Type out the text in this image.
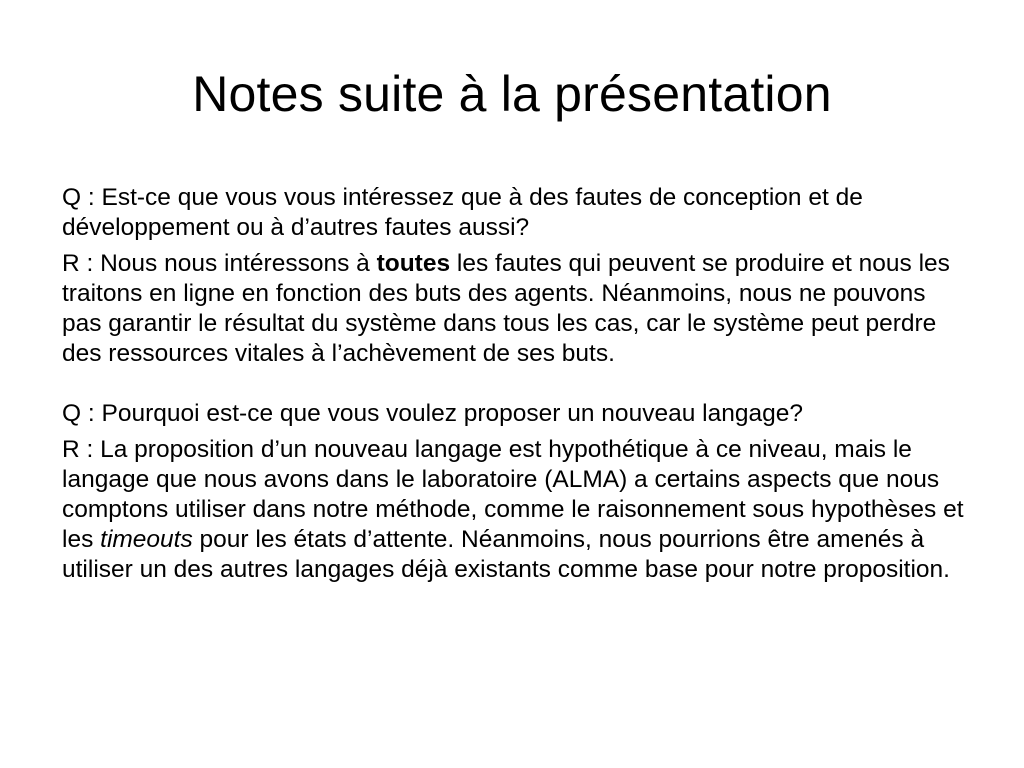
Notes suite à la présentation

Q : Est-ce que vous vous intéressez que à des fautes de conception et de développement ou à d’autres fautes aussi?

R : Nous nous intéressons à toutes les fautes qui peuvent se produire et nous les traitons en ligne en fonction des buts des agents. Néanmoins, nous ne pouvons pas garantir le résultat du système dans tous les cas, car le système peut perdre des ressources vitales à l’achèvement de ses buts.

Q : Pourquoi est-ce que vous voulez proposer un nouveau langage?

R : La proposition d’un nouveau langage est hypothétique à ce niveau, mais le langage que nous avons dans le laboratoire (ALMA) a certains aspects que nous comptons utiliser dans notre méthode, comme le raisonnement sous hypothèses et les timeouts pour les états d’attente. Néanmoins, nous pourrions être amenés à utiliser un des autres langages déjà existants comme base pour notre proposition.
